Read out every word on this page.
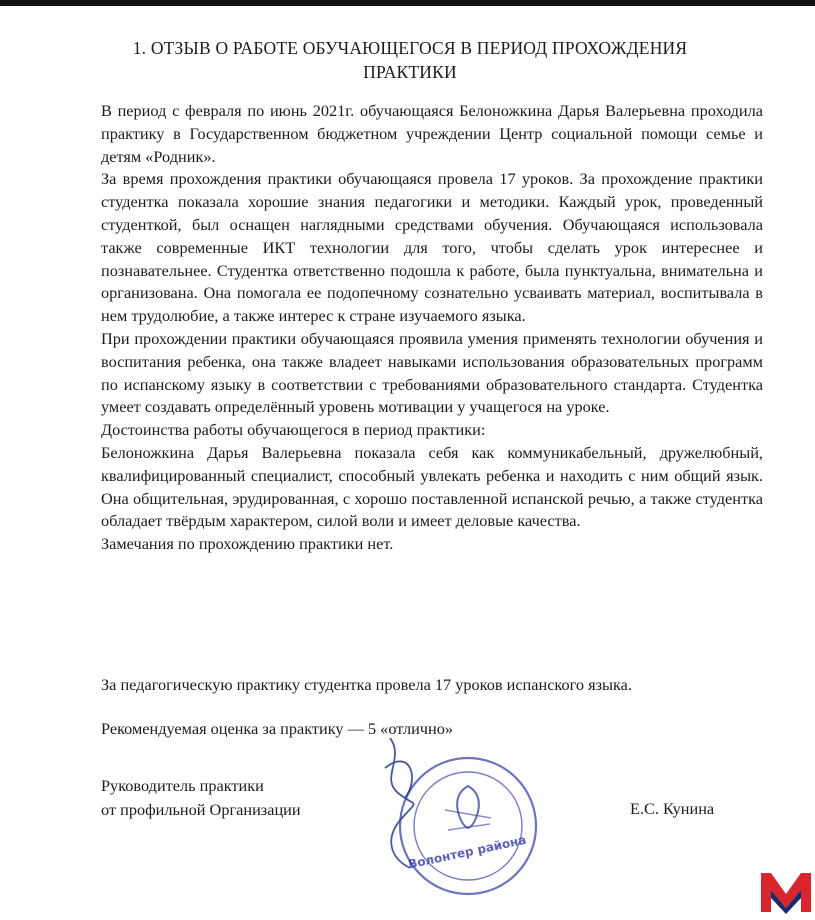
1. ОТЗЫВ О РАБОТЕ ОБУЧАЮЩЕГОСЯ В ПЕРИОД ПРОХОЖДЕНИЯ
ПРАКТИКИ

В период с февраля по июнь 2021г. обучающаяся Белоножкина Дарья Валерьевна проходила практику в Государственном бюджетном учреждении Центр социальной помощи семье и детям «Родник».

За время прохождения практики обучающаяся провела 17 уроков. За прохождение практики студентка показала хорошие знания педагогики и методики. Каждый урок, проведенный студенткой, был оснащен наглядными средствами обучения. Обучающаяся использовала также современные ИКТ технологии для того, чтобы сделать урок интереснее и познавательнее. Студентка ответственно подошла к работе, была пунктуальна, внимательна и организована. Она помогала ее подопечному сознательно усваивать материал, воспитывала в нем трудолюбие, а также интерес к стране изучаемого языка.

При прохождении практики обучающаяся проявила умения применять технологии обучения и воспитания ребенка, она также владеет навыками использования образовательных программ по испанскому языку в соответствии с требованиями образовательного стандарта. Студентка умеет создавать определённый уровень мотивации у учащегося на уроке.

Достоинства работы обучающегося в период практики:

Белоножкина Дарья Валерьевна показала себя как коммуникабельный, дружелюбный, квалифицированный специалист, способный увлекать ребенка и находить с ним общий язык. Она общительная, эрудированная, с хорошо поставленной испанской речью, а также студентка обладает твёрдым характером, силой воли и имеет деловые качества.

Замечания по прохождению практики нет.

За педагогическую практику студентка провела 17 уроков испанского языка.
Рекомендуемая оценка за практику — 5 «отлично»
Руководитель практики
от профильной Организации	Е.С. Кунина
Волонтер района
